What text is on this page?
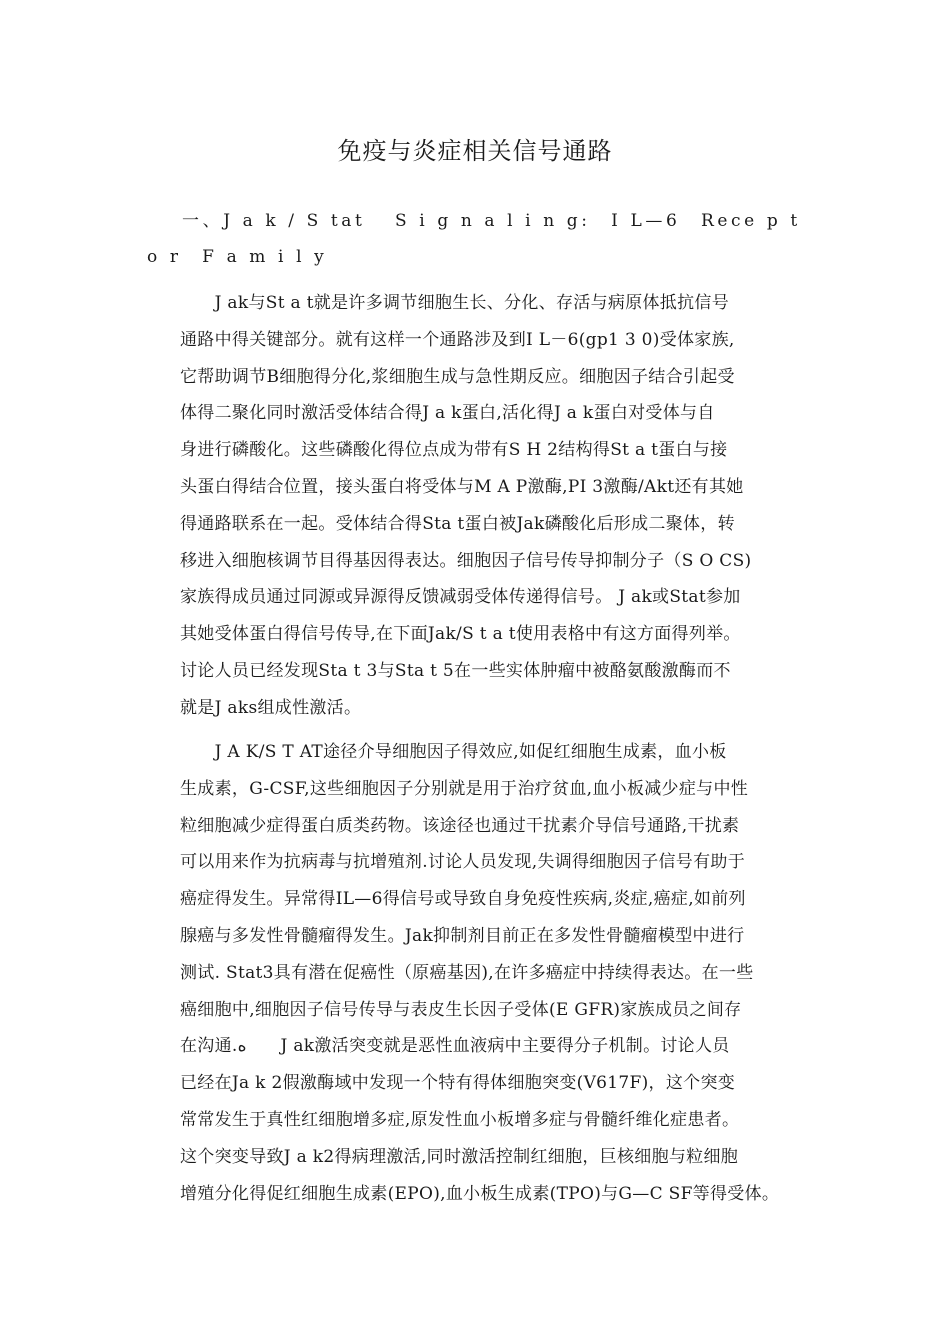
免疫与炎症相关信号通路
一、J a k / S tat　 S i g n a l i n g:　I L—6　Rece p t o r　F a m i l y
　　J ak与St a t就是许多调节细胞生长、分化、存活与病原体抵抗信号
通路中得关键部分。就有这样一个通路涉及到I L－6(gp1 3 0)受体家族,
它帮助调节B细胞得分化,浆细胞生成与急性期反应。细胞因子结合引起受
体得二聚化同时激活受体结合得J a k蛋白,活化得J a k蛋白对受体与自
身进行磷酸化。这些磷酸化得位点成为带有S H 2结构得St a t蛋白与接
头蛋白得结合位置，接头蛋白将受体与M A P激酶,PI 3激酶/Akt还有其她
得通路联系在一起。受体结合得Sta t蛋白被Jak磷酸化后形成二聚体，转
移进入细胞核调节目得基因得表达。细胞因子信号传导抑制分子（S O CS)
家族得成员通过同源或异源得反馈减弱受体传递得信号。 J ak或Stat参加
其她受体蛋白得信号传导,在下面Jak/S t a t使用表格中有这方面得列举。
讨论人员已经发现Sta t 3与Sta t 5在一些实体肿瘤中被酪氨酸激酶而不
就是J aks组成性激活。
　　J A K/S T AT途径介导细胞因子得效应,如促红细胞生成素，血小板
生成素，G-CSF,这些细胞因子分别就是用于治疗贫血,血小板减少症与中性
粒细胞减少症得蛋白质类药物。该途径也通过干扰素介导信号通路,干扰素
可以用来作为抗病毒与抗增殖剂.讨论人员发现,失调得细胞因子信号有助于
癌症得发生。异常得IL—6得信号或导致自身免疫性疾病,炎症,癌症,如前列
腺癌与多发性骨髓瘤得发生。Jak抑制剂目前正在多发性骨髓瘤模型中进行
测试. Stat3具有潜在促癌性（原癌基因),在许多癌症中持续得表达。在一些
癌细胞中,细胞因子信号传导与表皮生长因子受体(E GFR)家族成员之间存
在沟通.ﻩ　　J ak激活突变就是恶性血液病中主要得分子机制。讨论人员
已经在Ja k 2假激酶域中发现一个特有得体细胞突变(V617F)，这个突变
常常发生于真性红细胞增多症,原发性血小板增多症与骨髓纤维化症患者。
这个突变导致J a k2得病理激活,同时激活控制红细胞，巨核细胞与粒细胞
增殖分化得促红细胞生成素(EPO),血小板生成素(TPO)与G—C SF等得受体。
